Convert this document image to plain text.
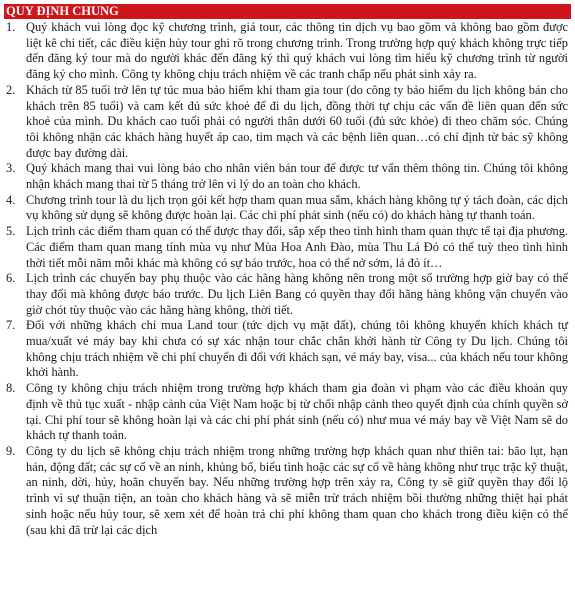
QUY ĐỊNH CHUNG
1. Quý khách vui lòng đọc kỹ chương trình, giá tour, các thông tin dịch vụ bao gồm và không bao gồm được liệt kê chi tiết, các điều kiện hủy tour ghi rõ trong chương trình. Trong trường hợp quý khách không trực tiếp đến đăng ký tour mà do người khác đến đăng ký thì quý khách vui lòng tìm hiểu kỹ chương trình từ người đăng ký cho mình. Công ty không chịu trách nhiệm về các tranh chấp nếu phát sinh xảy ra.
2. Khách từ 85 tuổi trở lên tự túc mua bảo hiểm khi tham gia tour (do công ty bảo hiểm du lịch không bán cho khách trên 85 tuổi) và cam kết đủ sức khoẻ để đi du lịch, đồng thời tự chịu các vấn đề liên quan đến sức khoẻ của mình. Du khách cao tuổi phải có người thân dưới 60 tuổi (đủ sức khỏe) đi theo chăm sóc. Chúng tôi không nhận các khách hàng huyết áp cao, tim mạch và các bệnh liên quan…có chỉ định từ bác sỹ không được bay đường dài.
3. Quý khách mang thai vui lòng báo cho nhân viên bán tour để được tư vấn thêm thông tin. Chúng tôi không nhận khách mang thai từ 5 tháng trở lên vì lý do an toàn cho khách.
4. Chương trình tour là du lịch trọn gói kết hợp tham quan mua sắm, khách hàng không tự ý tách đoàn, các dịch vụ không sử dụng sẽ không được hoàn lại. Các chi phí phát sinh (nếu có) do khách hàng tự thanh toán.
5. Lịch trình các điểm tham quan có thể được thay đổi, sắp xếp theo tình hình tham quan thực tế tại địa phương. Các điểm tham quan mang tính mùa vụ như Mùa Hoa Anh Đào, mùa Thu Lá Đỏ có thể tuỳ theo tình hình thời tiết mỗi năm mỗi khác mà không có sự báo trước, hoa có thể nở sớm, lá đỏ ít…
6. Lịch trình các chuyến bay phụ thuộc vào các hãng hàng không nên trong một số trường hợp giờ bay có thể thay đổi mà không được báo trước. Du lịch Liên Bang có quyền thay đổi hãng hàng không vận chuyển vào giờ chót tùy thuộc vào các hãng hàng không, thời tiết.
7. Đối với những khách chỉ mua Land tour (tức dịch vụ mặt đất), chúng tôi không khuyến khích khách tự mua/xuất vé máy bay khi chưa có sự xác nhận tour chắc chắn khởi hành từ Công ty Du lịch. Chúng tôi không chịu trách nhiệm về chi phí chuyển đi đổi với khách sạn, vé máy bay, visa... của khách nếu tour không khởi hành.
8. Công ty không chịu trách nhiệm trong trường hợp khách tham gia đoàn vi phạm vào các điều khoản quy định về thủ tục xuất - nhập cảnh của Việt Nam hoặc bị từ chối nhập cảnh theo quyết định của chính quyền sở tại. Chi phí tour sẽ không hoàn lại và các chi phí phát sinh (nếu có) như mua vé máy bay về Việt Nam sẽ do khách tự thanh toán.
9. Công ty du lịch sẽ không chịu trách nhiệm trong những trường hợp khách quan như thiên tai: bão lụt, hạn hán, động đất; các sự cố về an ninh, khủng bố, biểu tình hoặc các sự cố về hàng không như trục trặc kỹ thuật, an ninh, dời, hủy, hoãn chuyến bay. Nếu những trường hợp trên xảy ra, Công ty sẽ giữ quyền thay đổi lộ trình vì sự thuận tiện, an toàn cho khách hàng và sẽ miễn trừ trách nhiệm bồi thường những thiệt hại phát sinh hoặc nếu hủy tour, sẽ xem xét để hoàn trả chi phí không tham quan cho khách trong điều kiện có thể (sau khi đã trừ lại các dịch
